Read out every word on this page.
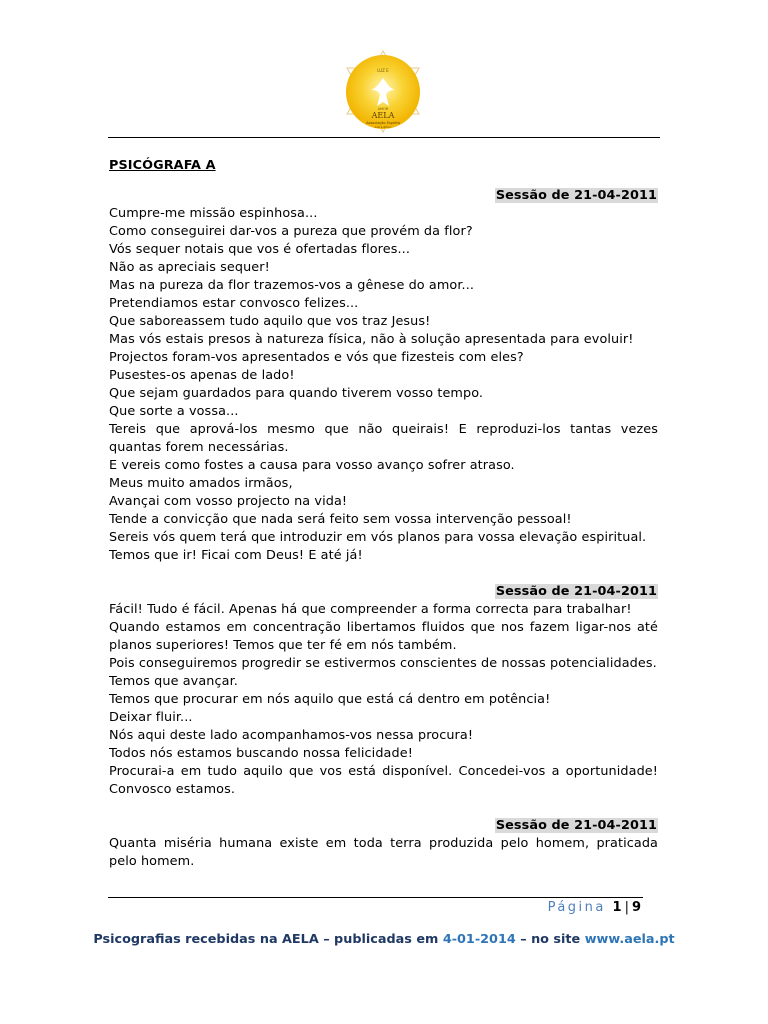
LUZ E
AMOR
AELA
Associação Espírita
Luz e Amor

PSICÓGRAFA A

Sessão de 21-04-2011

Cumpre-me missão espinhosa...

Como conseguirei dar-vos a pureza que provém da flor?

Vós sequer notais que vos é ofertadas flores...

Não as apreciais sequer!

Mas na pureza da flor trazemos-vos a gênese do amor...

Pretendiamos estar convosco felizes...

Que saboreassem tudo aquilo que vos traz Jesus!

Mas vós estais presos à natureza física, não à solução apresentada para evoluir!

Projectos foram-vos apresentados e vós que fizesteis com eles?

Pusestes-os apenas de lado!

Que sejam guardados para quando tiverem vosso tempo.

Que sorte a vossa...

Tereis que aprová-los mesmo que não queirais! E reproduzi-los tantas vezes quantas forem necessárias.

E vereis como fostes a causa para vosso avanço sofrer atraso.

Meus muito amados irmãos,

Avançai com vosso projecto na vida!

Tende a convicção que nada será feito sem vossa intervenção pessoal!

Sereis vós quem terá que introduzir em vós planos para vossa elevação espiritual.

Temos que ir! Ficai com Deus! E até já!

Sessão de 21-04-2011

Fácil! Tudo é fácil. Apenas há que compreender a forma correcta para trabalhar!

Quando estamos em concentração libertamos fluidos que nos fazem ligar-nos até planos superiores! Temos que ter fé em nós também.

Pois conseguiremos progredir se estivermos conscientes de nossas potencialidades.

Temos que avançar.

Temos que procurar em nós aquilo que está cá dentro em potência!

Deixar fluir...

Nós aqui deste lado acompanhamos-vos nessa procura!

Todos nós estamos buscando nossa felicidade!

Procurai-a em tudo aquilo que vos está disponível. Concedei-vos a oportunidade! Convosco estamos.

Sessão de 21-04-2011

Quanta miséria humana existe em toda terra produzida pelo homem, praticada pelo homem.

Página 1 | 9
Psicografias recebidas na AELA – publicadas em 4-01-2014 – no site www.aela.pt
